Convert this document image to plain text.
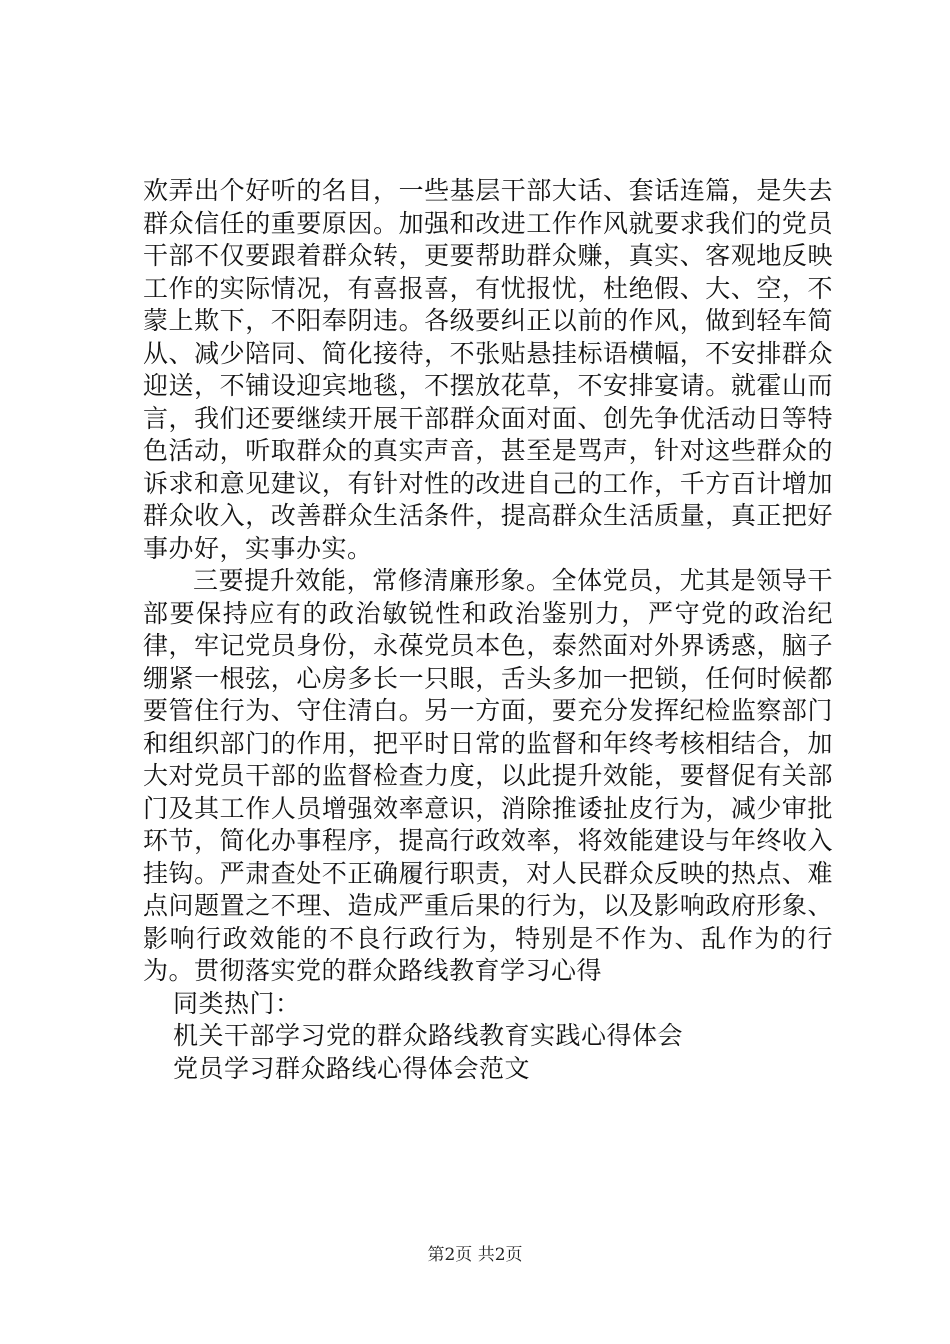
欢弄出个好听的名目，一些基层干部大话、套话连篇，是失去群众信任的重要原因。加强和改进工作作风就要求我们的党员干部不仅要跟着群众转，更要帮助群众赚，真实、客观地反映工作的实际情况，有喜报喜，有忧报忧，杜绝假、大、空，不蒙上欺下，不阳奉阴违。各级要纠正以前的作风，做到轻车简从、减少陪同、简化接待，不张贴悬挂标语横幅，不安排群众迎送，不铺设迎宾地毯，不摆放花草，不安排宴请。就霍山而言，我们还要继续开展干部群众面对面、创先争优活动日等特色活动，听取群众的真实声音，甚至是骂声，针对这些群众的诉求和意见建议，有针对性的改进自己的工作，千方百计增加群众收入，改善群众生活条件，提高群众生活质量，真正把好事办好，实事办实。

三要提升效能，常修清廉形象。全体党员，尤其是领导干部要保持应有的政治敏锐性和政治鉴别力，严守党的政治纪律，牢记党员身份，永葆党员本色，泰然面对外界诱惑，脑子绷紧一根弦，心房多长一只眼，舌头多加一把锁，任何时候都要管住行为、守住清白。另一方面，要充分发挥纪检监察部门和组织部门的作用，把平时日常的监督和年终考核相结合，加大对党员干部的监督检查力度，以此提升效能，要督促有关部门及其工作人员增强效率意识，消除推诿扯皮行为，减少审批环节，简化办事程序，提高行政效率，将效能建设与年终收入挂钩。严肃查处不正确履行职责，对人民群众反映的热点、难点问题置之不理、造成严重后果的行为，以及影响政府形象、影响行政效能的不良行政行为，特别是不作为、乱作为的行为。贯彻落实党的群众路线教育学习心得

同类热门：

机关干部学习党的群众路线教育实践心得体会

党员学习群众路线心得体会范文

第2页 共2页
